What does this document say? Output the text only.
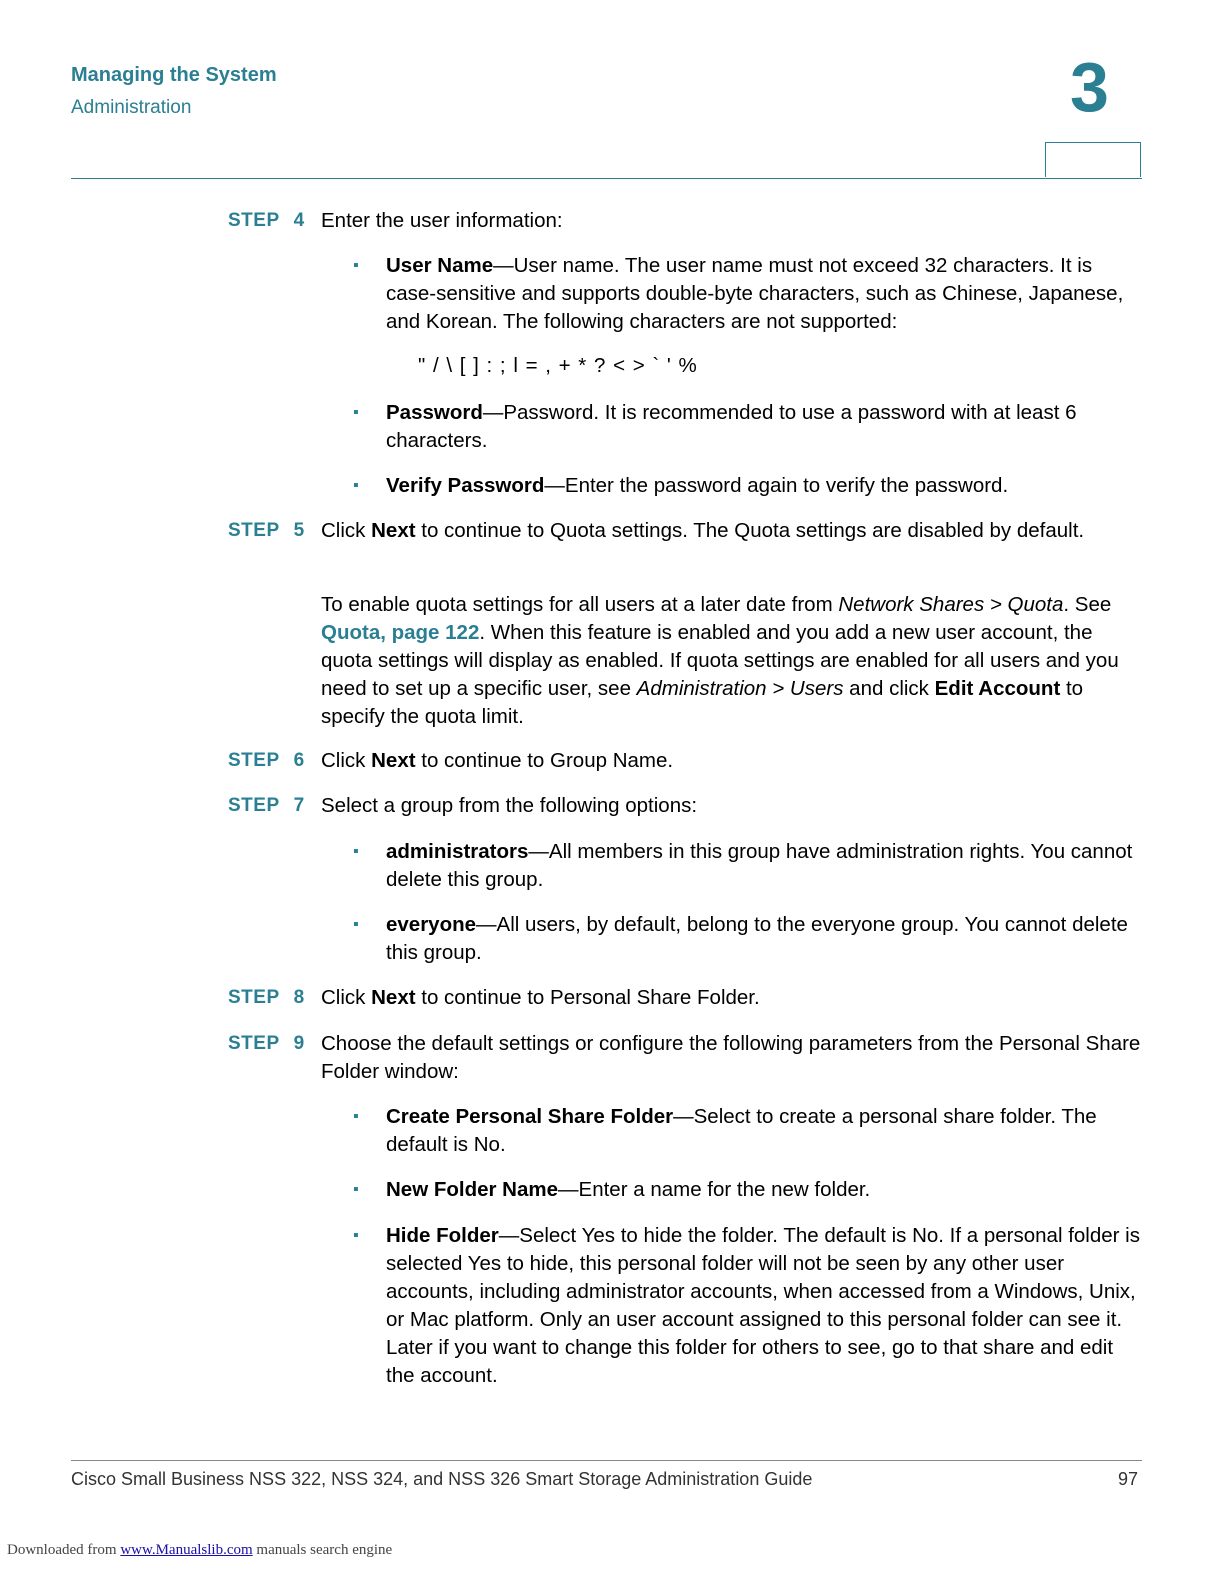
Managing the System
Administration	3
STEP 4 Enter the user information:
▪ User Name—User name. The user name must not exceed 32 characters. It is case-sensitive and supports double-byte characters, such as Chinese, Japanese, and Korean. The following characters are not supported:
" / \ [ ] : ; l = , + * ? < > ` ' %
▪ Password—Password. It is recommended to use a password with at least 6 characters.
▪ Verify Password—Enter the password again to verify the password.
STEP 5 Click Next to continue to Quota settings. The Quota settings are disabled by default.
To enable quota settings for all users at a later date from Network Shares > Quota. See Quota, page 122. When this feature is enabled and you add a new user account, the quota settings will display as enabled. If quota settings are enabled for all users and you need to set up a specific user, see Administration > Users and click Edit Account to specify the quota limit.
STEP 6 Click Next to continue to Group Name.
STEP 7 Select a group from the following options:
▪ administrators—All members in this group have administration rights. You cannot delete this group.
▪ everyone—All users, by default, belong to the everyone group. You cannot delete this group.
STEP 8 Click Next to continue to Personal Share Folder.
STEP 9 Choose the default settings or configure the following parameters from the Personal Share Folder window:
▪ Create Personal Share Folder—Select to create a personal share folder. The default is No.
▪ New Folder Name—Enter a name for the new folder.
▪ Hide Folder—Select Yes to hide the folder. The default is No. If a personal folder is selected Yes to hide, this personal folder will not be seen by any other user accounts, including administrator accounts, when accessed from a Windows, Unix, or Mac platform. Only an user account assigned to this personal folder can see it. Later if you want to change this folder for others to see, go to that share and edit the account.
Cisco Small Business NSS 322, NSS 324, and NSS 326 Smart Storage Administration Guide	97
Downloaded from www.Manualslib.com manuals search engine
